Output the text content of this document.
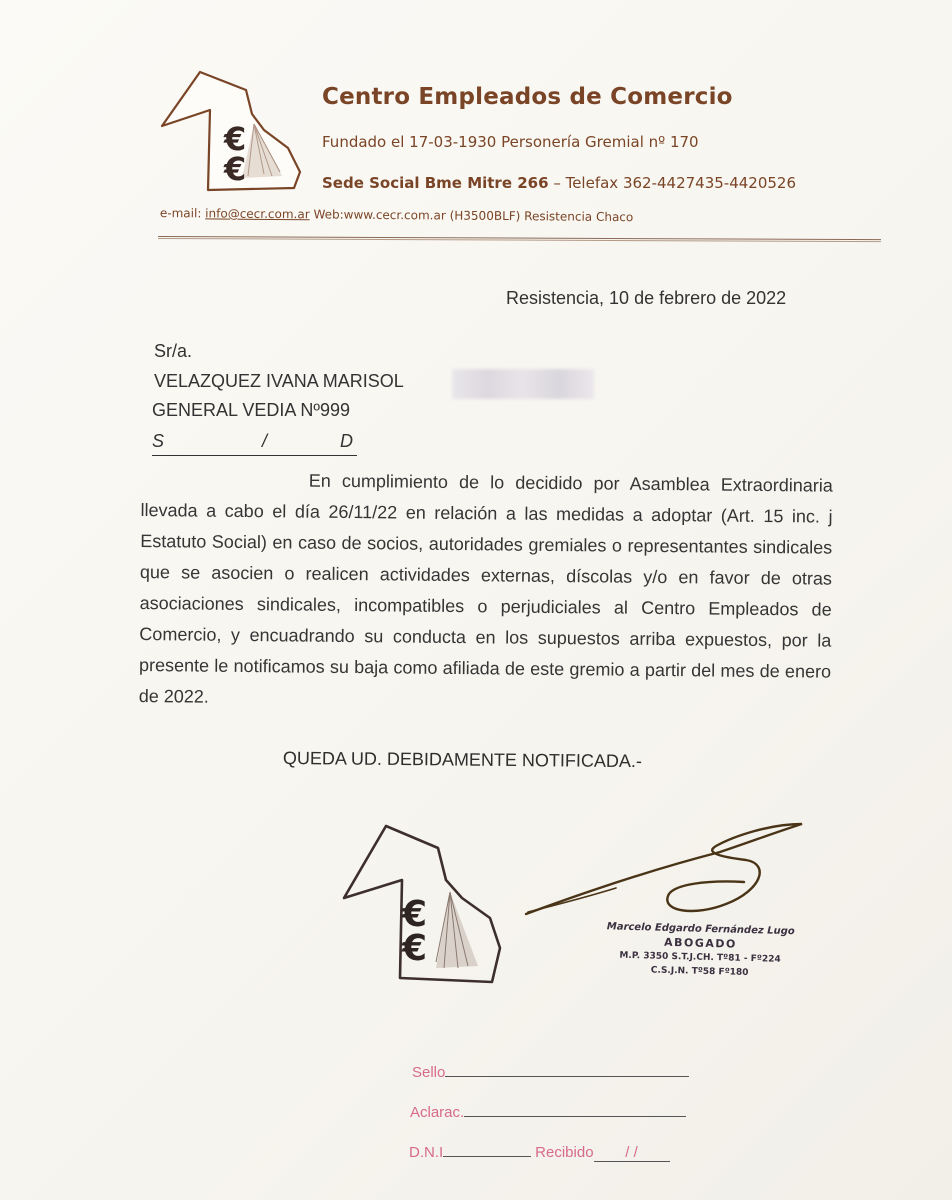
€
€
Centro Empleados de Comercio
Fundado el 17-03-1930 Personería Gremial nº 170
Sede Social Bme Mitre 266 – Telefax 362-4427435-4420526
e-mail: info@cecr.com.ar Web:www.cecr.com.ar (H3500BLF) Resistencia Chaco
Resistencia, 10 de febrero de 2022
Sr/a.
VELAZQUEZ IVANA MARISOL
GENERAL VEDIA Nº999
S	/	D
En cumplimiento de lo decidido por Asamblea Extraordinaria llevada a cabo el día 26/11/22 en relación a las medidas a adoptar (Art. 15 inc. j Estatuto Social) en caso de socios, autoridades gremiales o representantes sindicales que se asocien o realicen actividades externas, díscolas y/o en favor de otras asociaciones sindicales, incompatibles o perjudiciales al Centro Empleados de Comercio, y encuadrando su conducta en los supuestos arriba expuestos, por la presente le notificamos su baja como afiliada de este gremio a partir del mes de enero de 2022.
QUEDA UD. DEBIDAMENTE NOTIFICADA.-
€
€	Marcelo Edgardo Fernández Lugo
ABOGADO
M.P. 3350 S.T.J.CH. Tº81 - Fº224
C.S.J.N. Tº58 Fº180
Sello
Aclarac.
D.N.I	Recibido / /
